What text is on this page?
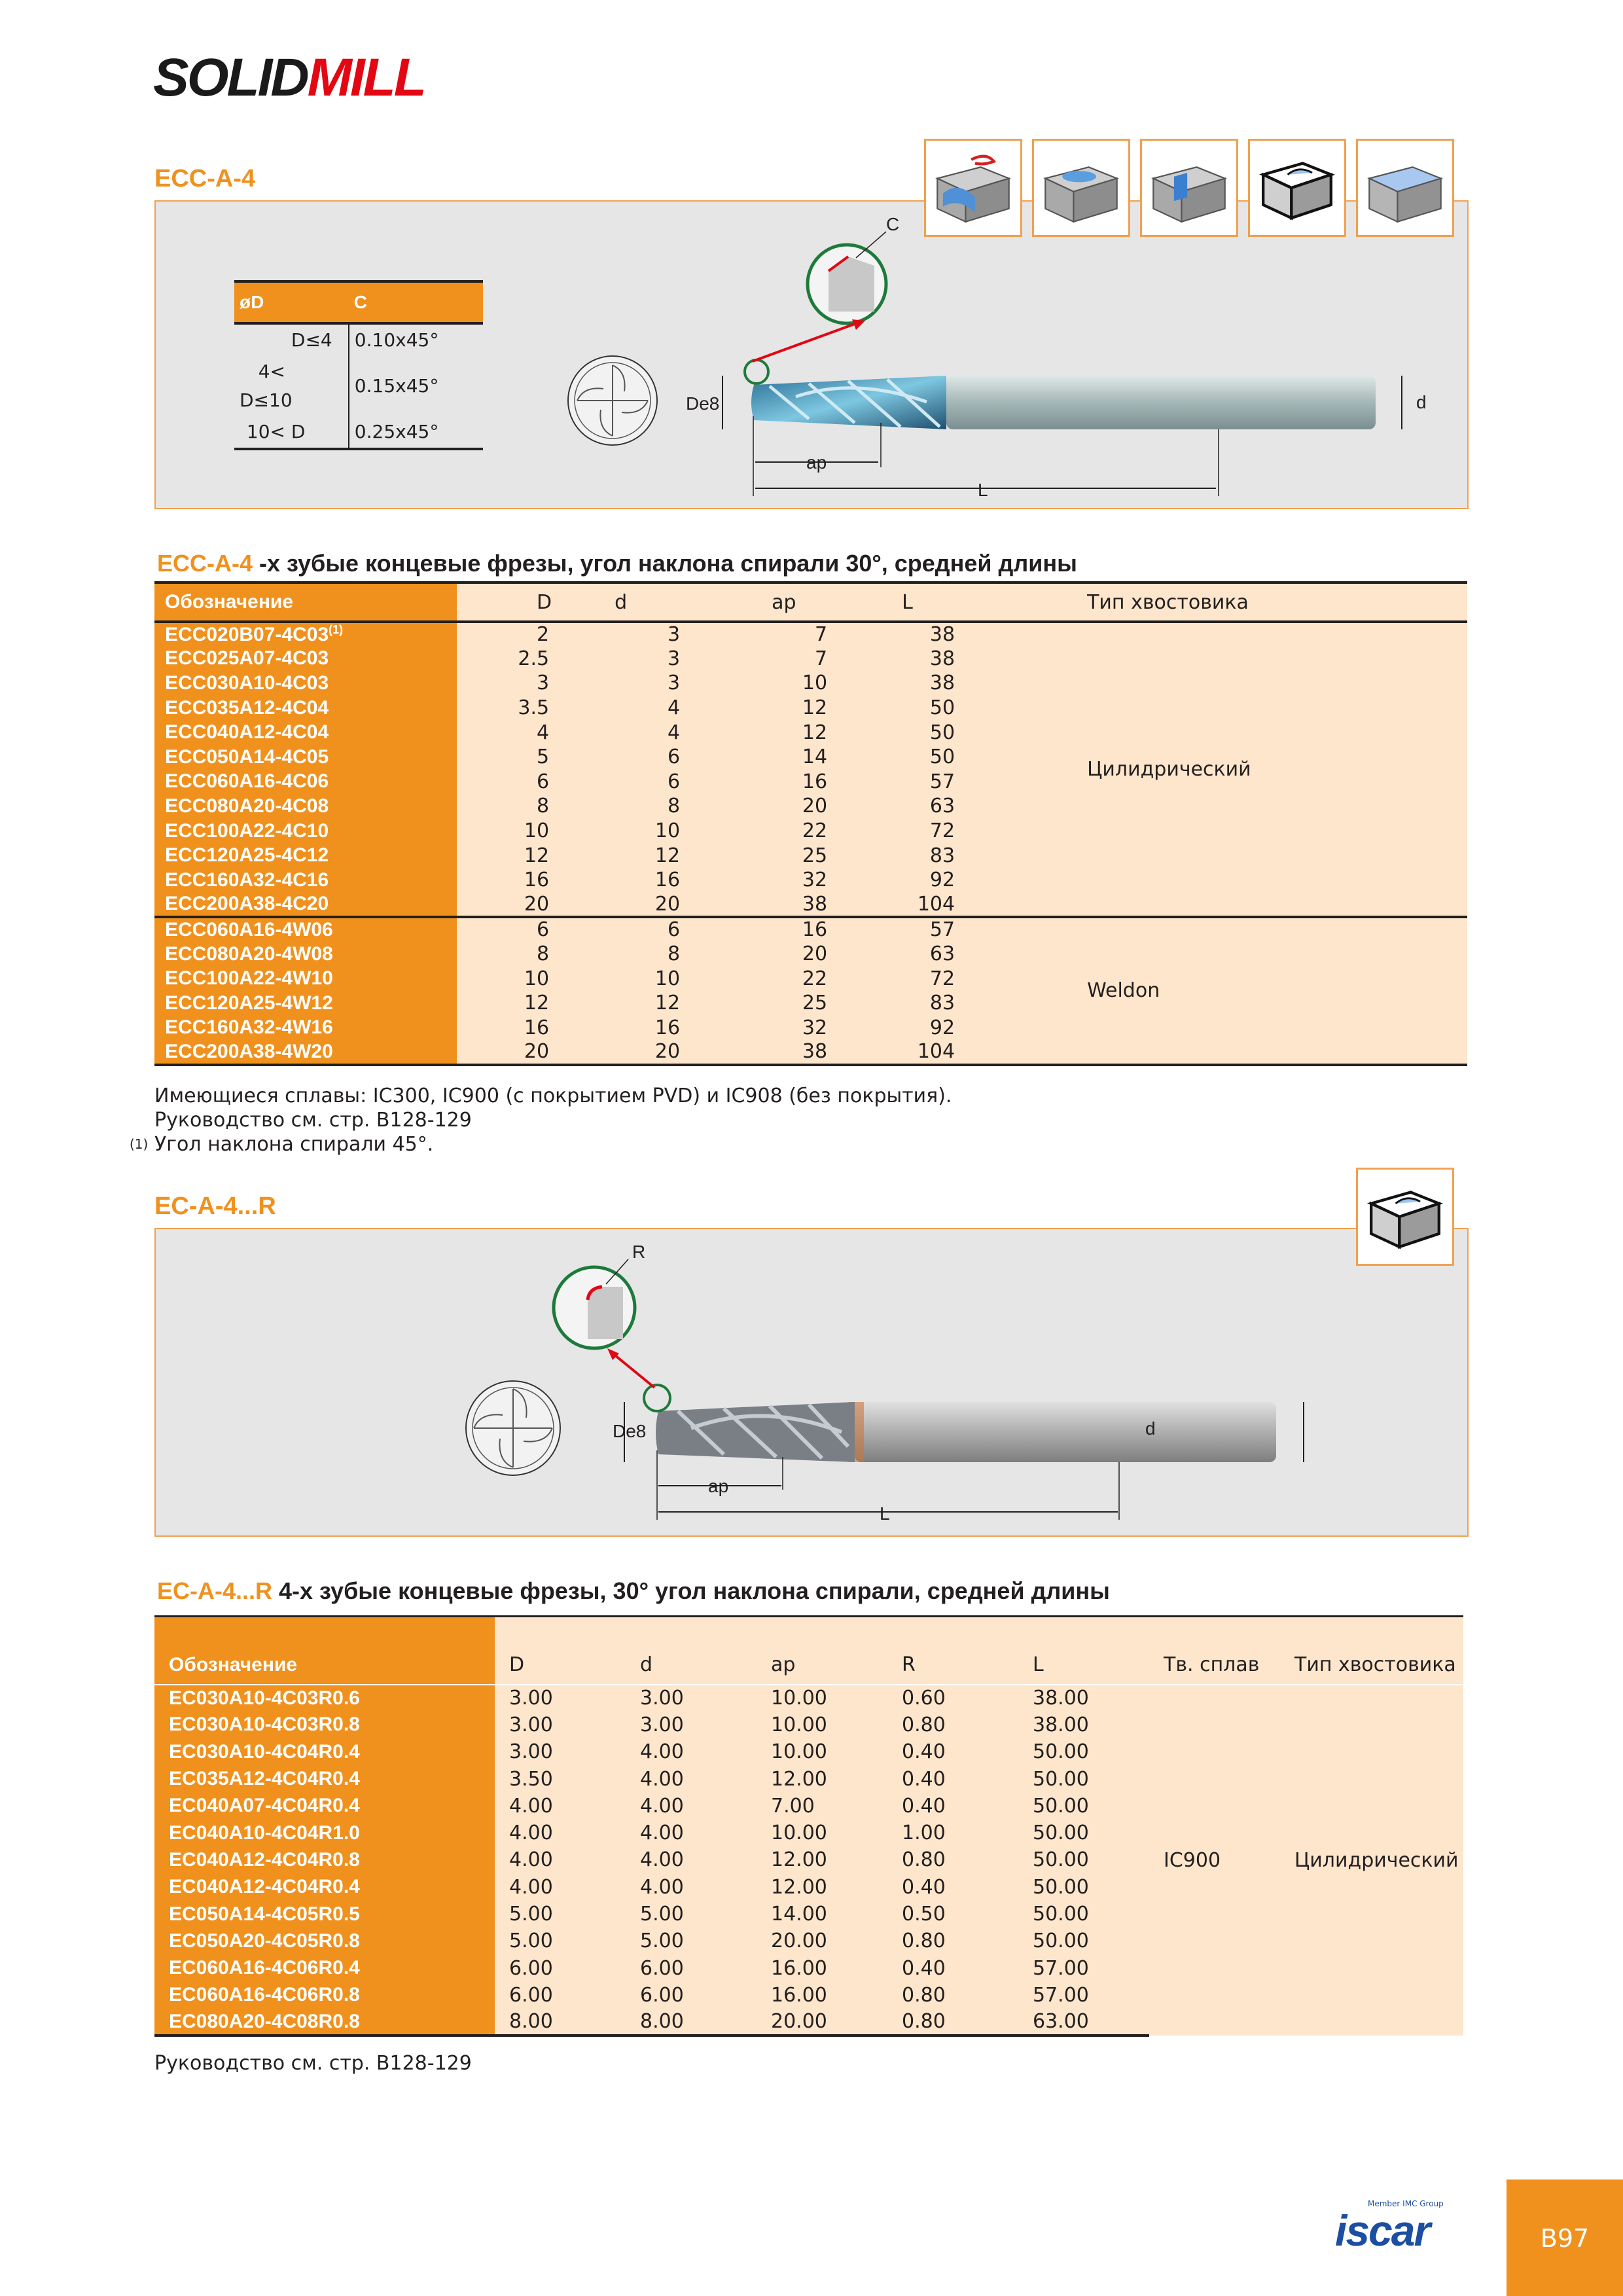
SOLIDMILL
ECC-A-4
øD	C
D≤4	0.10x45°
4< D≤10	0.15x45°
10< D	0.25x45°
De8	d
ap
L
C
ECC-A-4 -х зубые концевые фрезы, угол наклона спирали 30°, средней длины
Обозначение	D	d	ap	L	Тип хвостовика
ECC020B07-4C03$^{(1)}$	2	3	7	38	Цилидрический
ECC025A07-4C03	2.5	3	7	38	
ECC030A10-4C03	3	3	10	38	
ECC035A12-4C04	3.5	4	12	50	
ECC040A12-4C04	4	4	12	50	
ECC050A14-4C05	5	6	14	50	
ECC060A16-4C06	6	6	16	57	
ECC080A20-4C08	8	8	20	63	
ECC100A22-4C10	10	10	22	72	
ECC120A25-4C12	12	12	25	83	
ECC160A32-4C16	16	16	32	92	
ECC200A38-4C20	20	20	38	104	
ECC060A16-4W06	6	6	16	57	Weldon
ECC080A20-4W08	8	8	20	63	
ECC100A22-4W10	10	10	22	72	
ECC120A25-4W12	12	12	25	83	
ECC160A32-4W16	16	16	32	92	
ECC200A38-4W20	20	20	38	104	
Имеющиеся сплавы: IC300, IC900 (с покрытием PVD) и IC908 (без покрытия).
Руководство см. стр. B128-129
(1) Угол наклона спирали 45°.
EC-A-4...R
De8	d
ap
L
R
EC-A-4...R 4-х зубые концевые фрезы, 30° угол наклона спирали, средней длины
Обозначение	D	d	ap	R	L	Тв. сплав	Тип хвостовика
EC030A10-4C03R0.6	3.00	3.00	10.00	0.60	38.00	IC900	Цилидрический
EC030A10-4C03R0.8	3.00	3.00	10.00	0.80	38.00		
EC030A10-4C04R0.4	3.00	4.00	10.00	0.40	50.00		
EC035A12-4C04R0.4	3.50	4.00	12.00	0.40	50.00		
EC040A07-4C04R0.4	4.00	4.00	7.00	0.40	50.00		
EC040A10-4C04R1.0	4.00	4.00	10.00	1.00	50.00		
EC040A12-4C04R0.8	4.00	4.00	12.00	0.80	50.00		
EC040A12-4C04R0.4	4.00	4.00	12.00	0.40	50.00		
EC050A14-4C05R0.5	5.00	5.00	14.00	0.50	50.00		
EC050A20-4C05R0.8	5.00	5.00	20.00	0.80	50.00		
EC060A16-4C06R0.4	6.00	6.00	16.00	0.40	57.00		
EC060A16-4C06R0.8	6.00	6.00	16.00	0.80	57.00		
EC080A20-4C08R0.8	8.00	8.00	20.00	0.80	63.00		
Руководство см. стр. B128-129
Member IMC Group
iscar	B97
